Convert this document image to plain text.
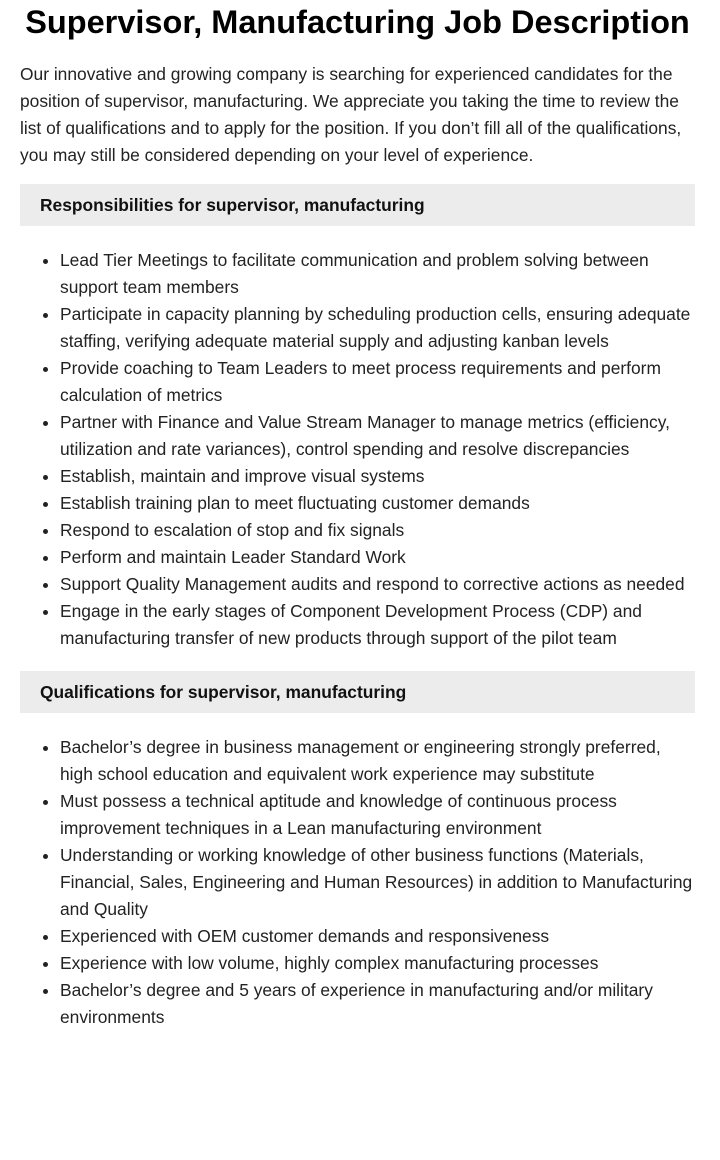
Supervisor, Manufacturing Job Description

Our innovative and growing company is searching for experienced candidates for the position of supervisor, manufacturing. We appreciate you taking the time to review the list of qualifications and to apply for the position. If you don’t fill all of the qualifications, you may still be considered depending on your level of experience.

Responsibilities for supervisor, manufacturing
• Lead Tier Meetings to facilitate communication and problem solving between support team members
• Participate in capacity planning by scheduling production cells, ensuring adequate staffing, verifying adequate material supply and adjusting kanban levels
• Provide coaching to Team Leaders to meet process requirements and perform calculation of metrics
• Partner with Finance and Value Stream Manager to manage metrics (efficiency, utilization and rate variances), control spending and resolve discrepancies
• Establish, maintain and improve visual systems
• Establish training plan to meet fluctuating customer demands
• Respond to escalation of stop and fix signals
• Perform and maintain Leader Standard Work
• Support Quality Management audits and respond to corrective actions as needed
• Engage in the early stages of Component Development Process (CDP) and manufacturing transfer of new products through support of the pilot team
Qualifications for supervisor, manufacturing
• Bachelor’s degree in business management or engineering strongly preferred, high school education and equivalent work experience may substitute
• Must possess a technical aptitude and knowledge of continuous process improvement techniques in a Lean manufacturing environment
• Understanding or working knowledge of other business functions (Materials, Financial, Sales, Engineering and Human Resources) in addition to Manufacturing and Quality
• Experienced with OEM customer demands and responsiveness
• Experience with low volume, highly complex manufacturing processes
• Bachelor’s degree and 5 years of experience in manufacturing and/or military environments
